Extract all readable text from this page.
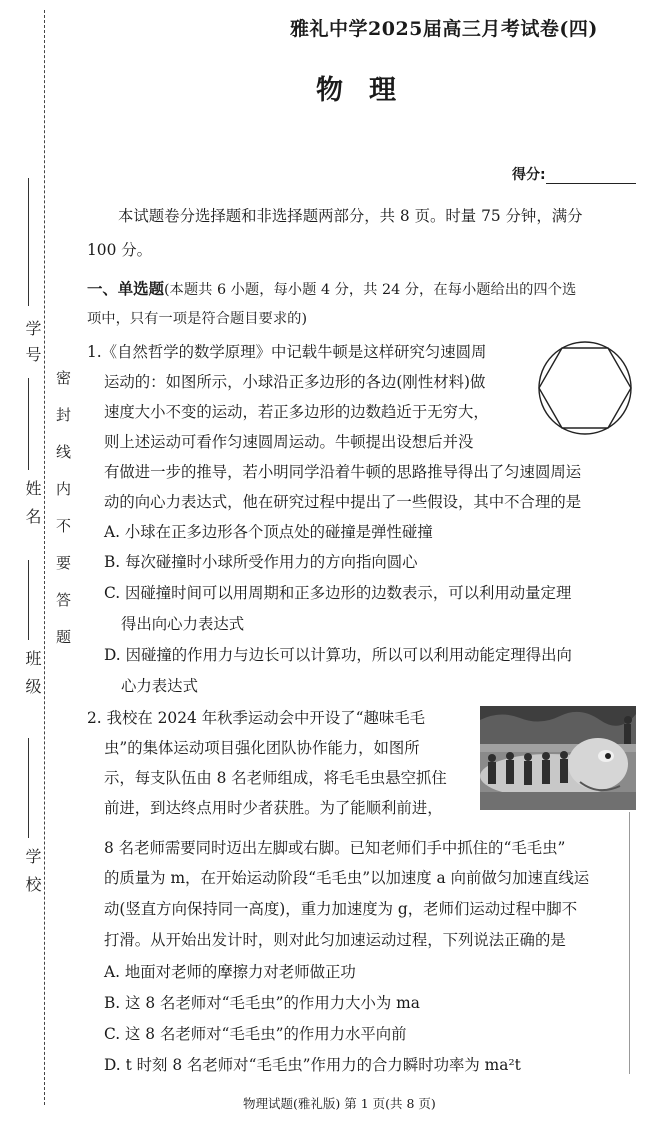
学号
姓名
班级
学校
密封线内不要答题
雅礼中学2025届高三月考试卷(四)
物理
得分:
本试题卷分选择题和非选择题两部分，共 8 页。时量 75 分钟，满分
100 分。
一、单选题(本题共 6 小题，每小题 4 分，共 24 分，在每小题给出的四个选
项中，只有一项是符合题目要求的)
1.《自然哲学的数学原理》中记载牛顿是这样研究匀速圆周
运动的：如图所示，小球沿正多边形的各边(刚性材料)做
速度大小不变的运动，若正多边形的边数趋近于无穷大，
则上述运动可看作匀速圆周运动。牛顿提出设想后并没
有做进一步的推导，若小明同学沿着牛顿的思路推导得出了匀速圆周运
动的向心力表达式，他在研究过程中提出了一些假设，其中不合理的是
A. 小球在正多边形各个顶点处的碰撞是弹性碰撞
B. 每次碰撞时小球所受作用力的方向指向圆心
C. 因碰撞时间可以用周期和正多边形的边数表示，可以利用动量定理
得出向心力表达式
D. 因碰撞的作用力与边长可以计算功，所以可以利用动能定理得出向
心力表达式
2. 我校在 2024 年秋季运动会中开设了“趣味毛毛
虫”的集体运动项目强化团队协作能力，如图所
示，每支队伍由 8 名老师组成，将毛毛虫悬空抓住
前进，到达终点用时少者获胜。为了能顺利前进，
8 名老师需要同时迈出左脚或右脚。已知老师们手中抓住的“毛毛虫”
的质量为 m，在开始运动阶段“毛毛虫”以加速度 a 向前做匀加速直线运
动(竖直方向保持同一高度)，重力加速度为 g，老师们运动过程中脚不
打滑。从开始出发计时，则对此匀加速运动过程，下列说法正确的是
A. 地面对老师的摩擦力对老师做正功
B. 这 8 名老师对“毛毛虫”的作用力大小为 ma
C. 这 8 名老师对“毛毛虫”的作用力水平向前
D. t 时刻 8 名老师对“毛毛虫”作用力的合力瞬时功率为 ma²t
物理试题(雅礼版) 第 1 页(共 8 页)
